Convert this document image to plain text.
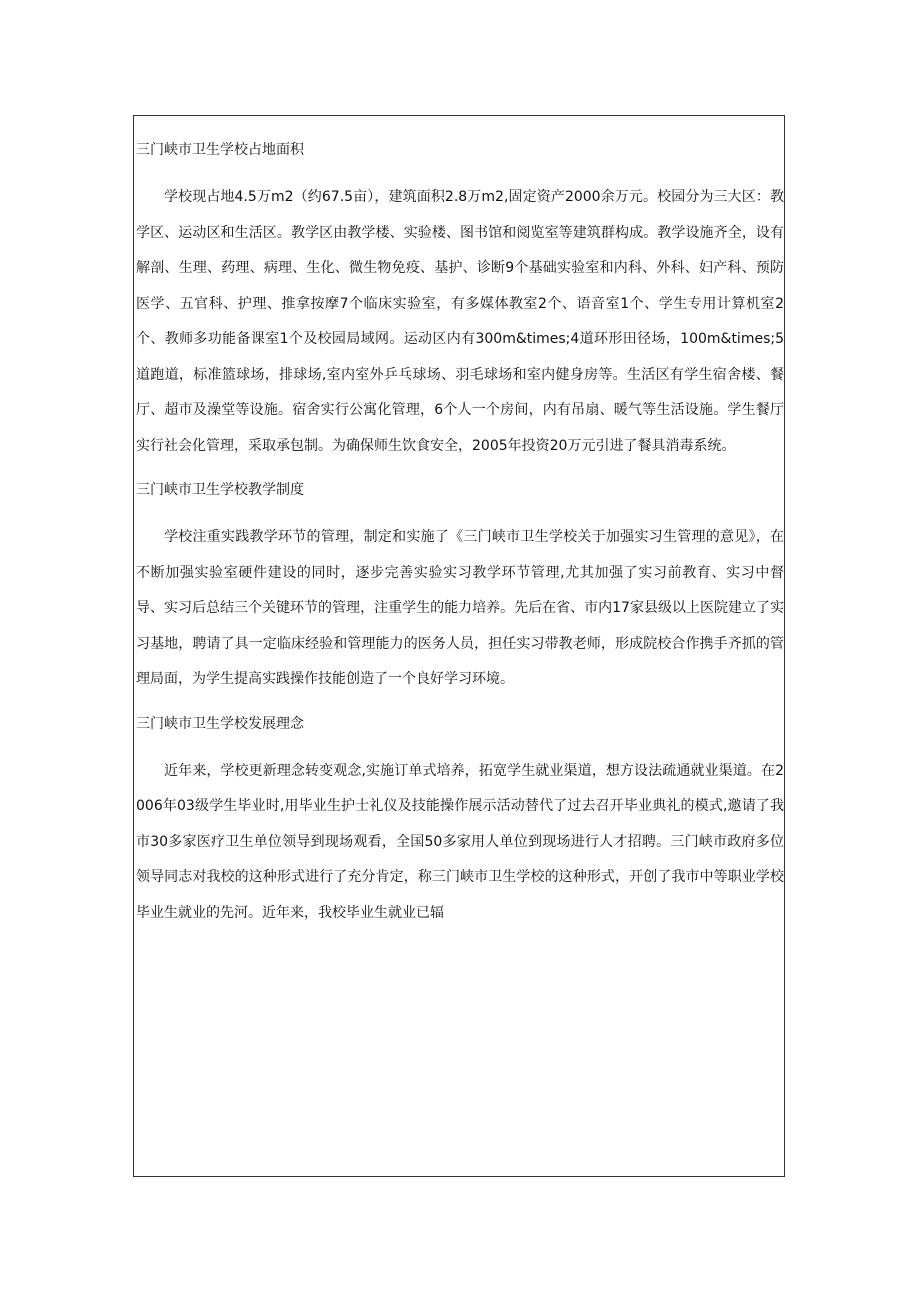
三门峡市卫生学校占地面积

学校现占地4.5万m2（约67.5亩），建筑面积2.8万m2,固定资产2000余万元。校园分为三大区：教学区、运动区和生活区。教学区由教学楼、实验楼、图书馆和阅览室等建筑群构成。教学设施齐全，设有解剖、生理、药理、病理、生化、微生物免疫、基护、诊断9个基础实验室和内科、外科、妇产科、预防医学、五官科、护理、推拿按摩7个临床实验室，有多媒体教室2个、语音室1个、学生专用计算机室2个、教师多功能备课室1个及校园局域网。运动区内有300m&times;4道环形田径场，100m&times;5道跑道，标准篮球场，排球场,室内室外乒乓球场、羽毛球场和室内健身房等。生活区有学生宿舍楼、餐厅、超市及澡堂等设施。宿舍实行公寓化管理，6个人一个房间，内有吊扇、暖气等生活设施。学生餐厅实行社会化管理，采取承包制。为确保师生饮食安全，2005年投资20万元引进了餐具消毒系统。

三门峡市卫生学校教学制度

学校注重实践教学环节的管理，制定和实施了《三门峡市卫生学校关于加强实习生管理的意见》，在不断加强实验室硬件建设的同时，逐步完善实验实习教学环节管理,尤其加强了实习前教育、实习中督导、实习后总结三个关键环节的管理，注重学生的能力培养。先后在省、市内17家县级以上医院建立了实习基地，聘请了具一定临床经验和管理能力的医务人员，担任实习带教老师，形成院校合作携手齐抓的管理局面，为学生提高实践操作技能创造了一个良好学习环境。

三门峡市卫生学校发展理念

近年来，学校更新理念转变观念,实施订单式培养，拓宽学生就业渠道，想方设法疏通就业渠道。在2006年03级学生毕业时,用毕业生护士礼仪及技能操作展示活动替代了过去召开毕业典礼的模式,邀请了我市30多家医疗卫生单位领导到现场观看，全国50多家用人单位到现场进行人才招聘。三门峡市政府多位领导同志对我校的这种形式进行了充分肯定，称三门峡市卫生学校的这种形式，开创了我市中等职业学校毕业生就业的先河。近年来，我校毕业生就业已辐
